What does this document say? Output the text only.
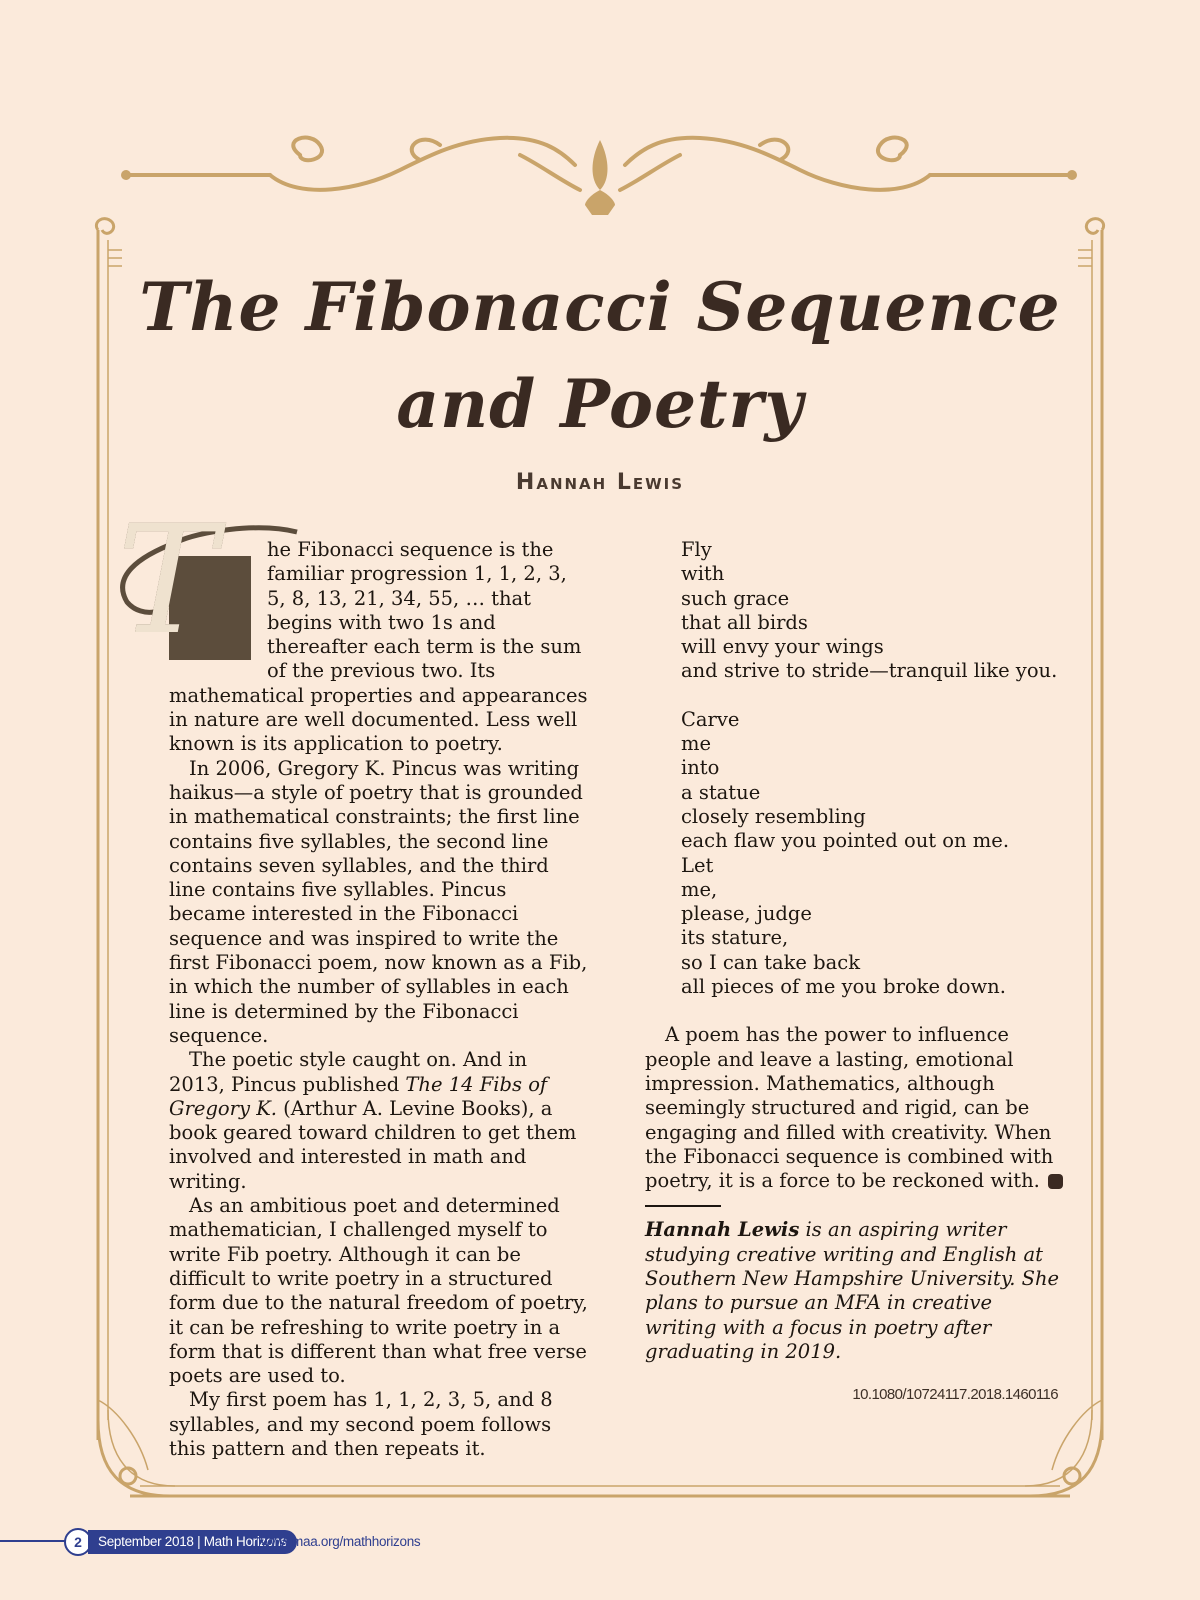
The Fibonacci Sequence
and Poetry
Hannah Lewis

T	he Fibonacci sequence is the familiar progression 1, 1, 2, 3, 5, 8, 13, 21, 34, 55, … that begins with two 1s and thereafter each term is the sum of the previous two. Its mathematical properties and appearances in nature are well documented. Less well known is its application to poetry.

In 2006, Gregory K. Pincus was writing haikus—a style of poetry that is grounded in mathematical constraints; the first line contains five syllables, the second line contains seven syllables, and the third line contains five syllables. Pincus became interested in the Fibonacci sequence and was inspired to write the first Fibonacci poem, now known as a Fib, in which the number of syllables in each line is determined by the Fibonacci sequence.

The poetic style caught on. And in 2013, Pincus published The 14 Fibs of Gregory K. (Arthur A. Levine Books), a book geared toward children to get them involved and interested in math and writing.

As an ambitious poet and determined mathematician, I challenged myself to write Fib poetry. Although it can be difficult to write poetry in a structured form due to the natural freedom of poetry, it can be refreshing to write poetry in a form that is different than what free verse poets are used to.

My first poem has 1, 1, 2, 3, 5, and 8 syllables, and my second poem follows this pattern and then repeats it.

Fly
with
such grace
that all birds
will envy your wings
and strive to stride—tranquil like you.
Carve
me
into
a statue
closely resembling
each flaw you pointed out on me.
Let
me,
please, judge
its stature,
so I can take back
all pieces of me you broke down.

A poem has the power to influence people and leave a lasting, emotional impression. Mathematics, although seemingly structured and rigid, can be engaging and filled with creativity. When the Fibonacci sequence is combined with poetry, it is a force to be reckoned with.

Hannah Lewis is an aspiring writer studying creative writing and English at Southern New Hampshire University. She plans to pursue an MFA in creative writing with a focus in poetry after graduating in 2019.

10.1080/10724117.2018.1460116
2	September 2018 | Math Horizons
www.maa.org/mathhorizons
